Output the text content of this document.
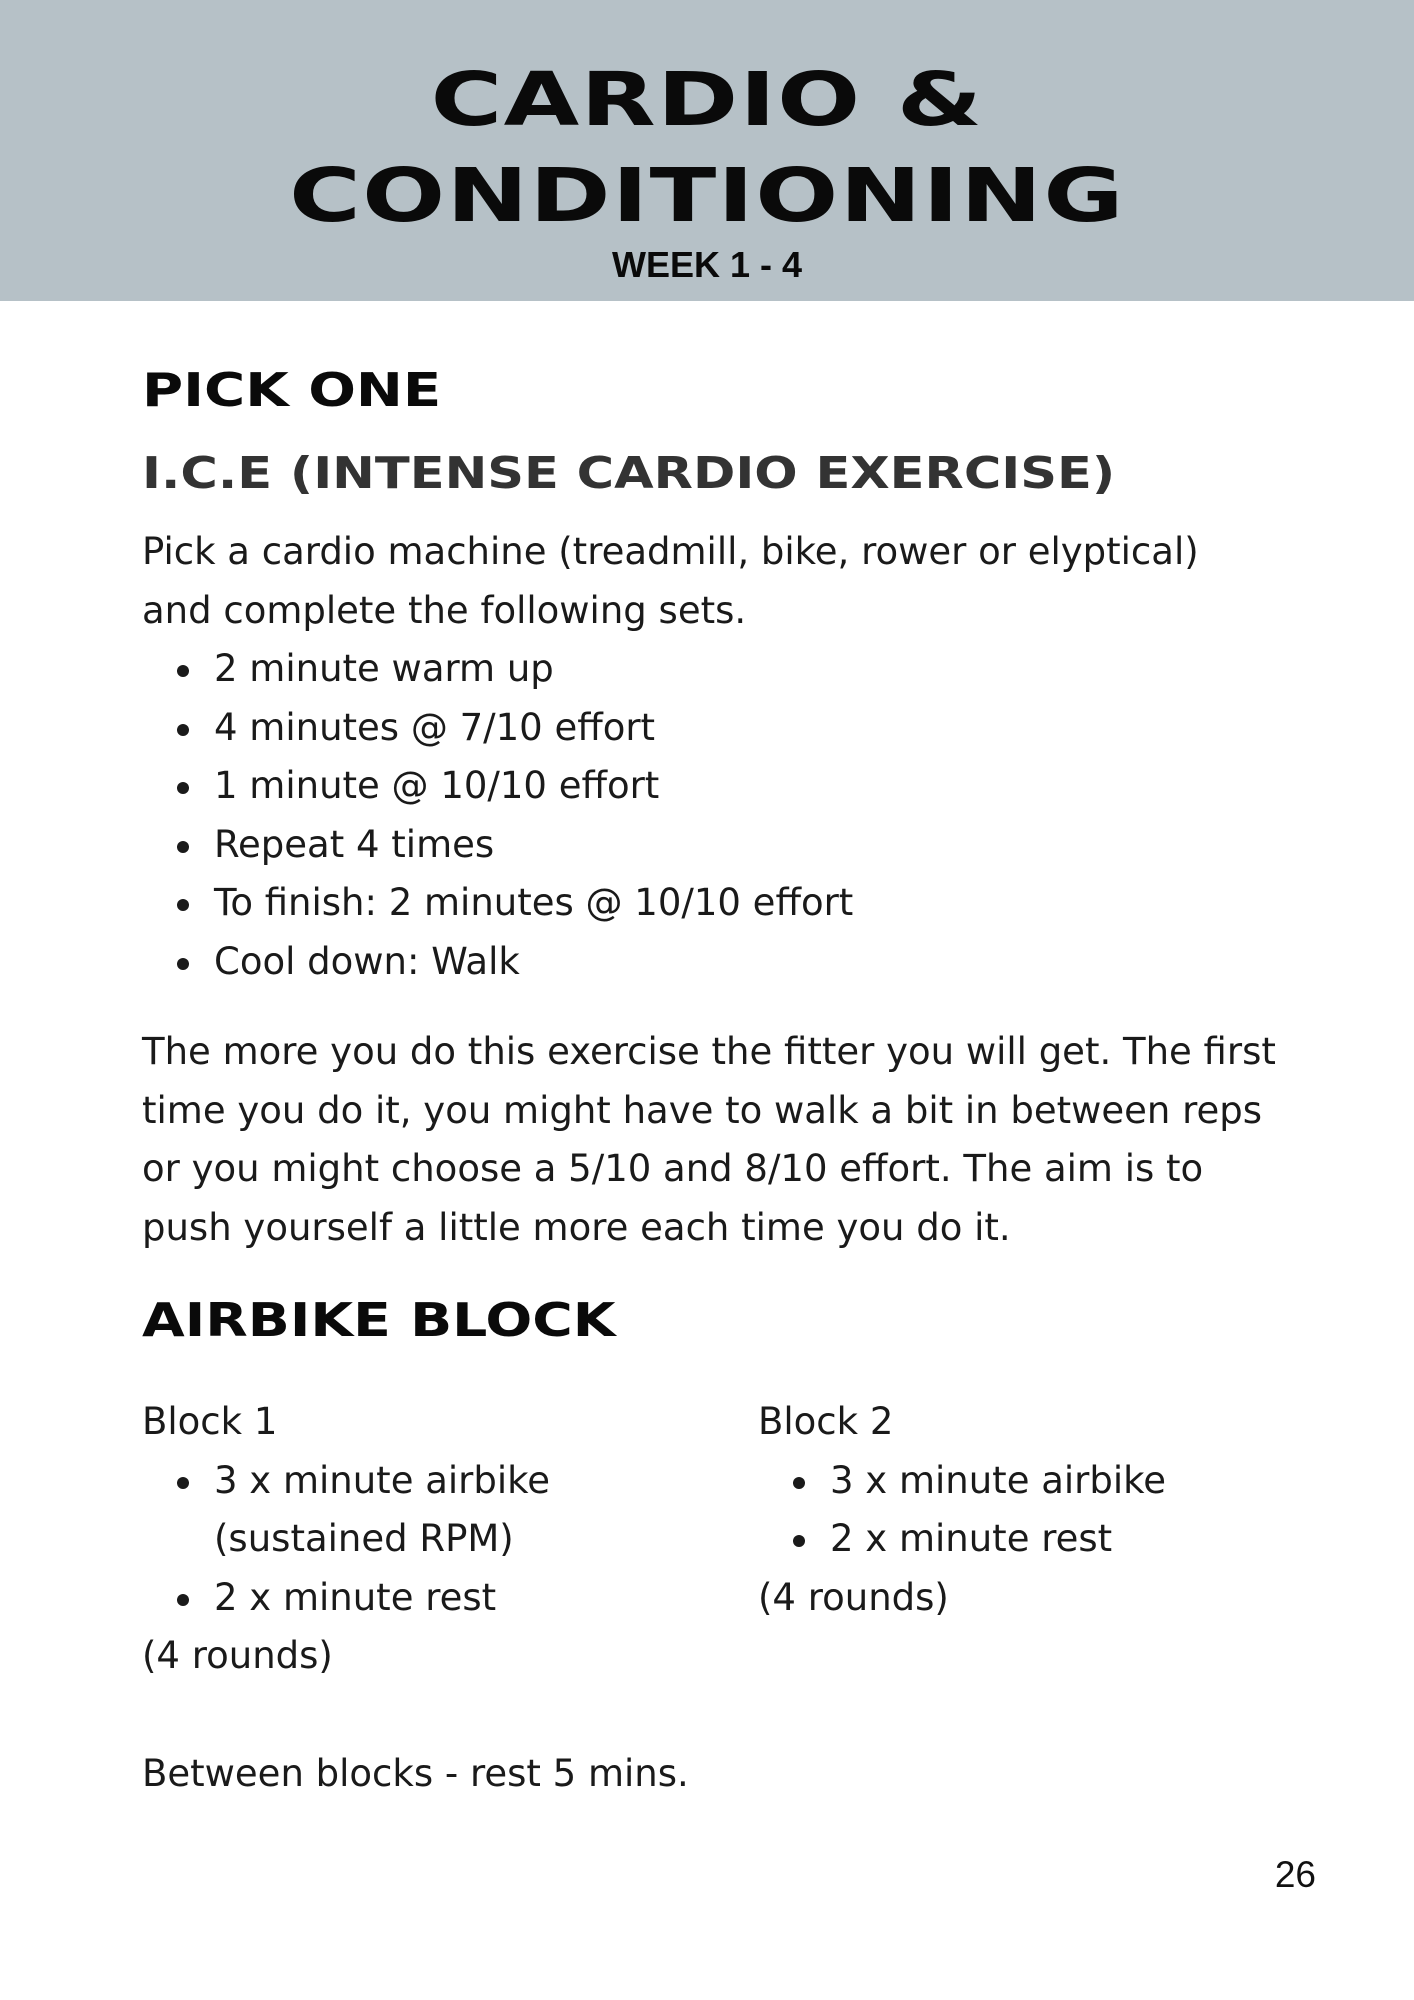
CARDIO &
CONDITIONING
WEEK 1 - 4
PICK ONE
I.C.E (INTENSE CARDIO EXERCISE)

Pick a cardio machine (treadmill, bike, rower or elyptical)
and complete the following sets.

2 minute warm up
4 minutes @ 7/10 effort
1 minute @ 10/10 effort
Repeat 4 times
To finish: 2 minutes @ 10/10 effort
Cool down: Walk

The more you do this exercise the fitter you will get. The first
time you do it, you might have to walk a bit in between reps
or you might choose a 5/10 and 8/10 effort. The aim is to
push yourself a little more each time you do it.

AIRBIKE BLOCK
Block 1
3 x minute airbike
(sustained RPM)
2 x minute rest
(4 rounds)
Block 2
3 x minute airbike
2 x minute rest
(4 rounds)

Between blocks - rest 5 mins.

26
